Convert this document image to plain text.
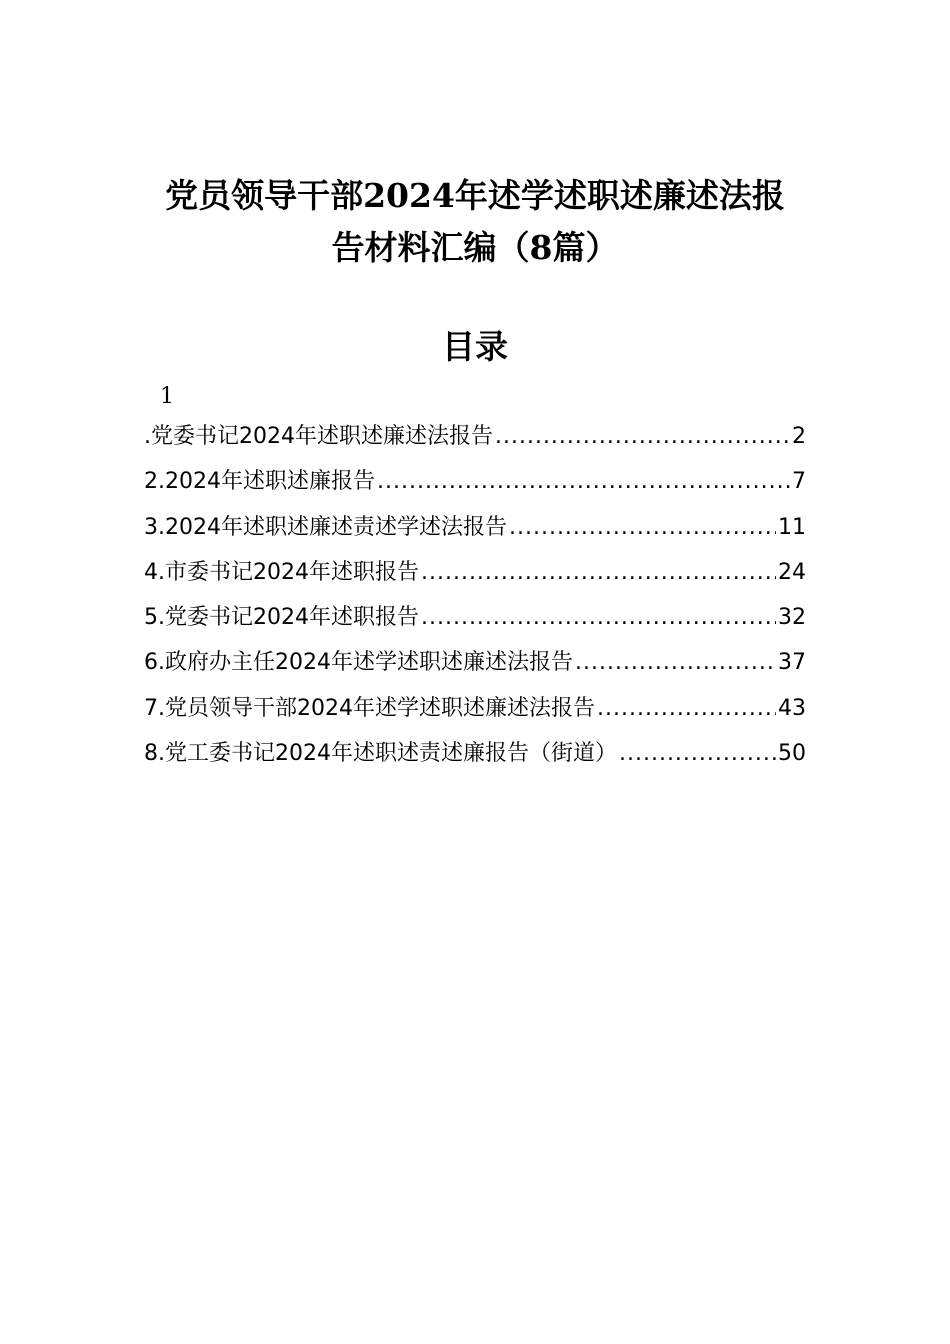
党员领导干部2024年述学述职述廉述法报
告材料汇编（8篇）
目录
1
.党委书记2024年述职述廉述法报告 .....	2
2.2024年述职述廉报告 .....	7
3.2024年述职述廉述责述学述法报告 .....	11
4.市委书记2024年述职报告 .....	24
5.党委书记2024年述职报告 .....	32
6.政府办主任2024年述学述职述廉述法报告 .....	37
7.党员领导干部2024年述学述职述廉述法报告 .....	43
8.党工委书记2024年述职述责述廉报告（街道） .....	50
